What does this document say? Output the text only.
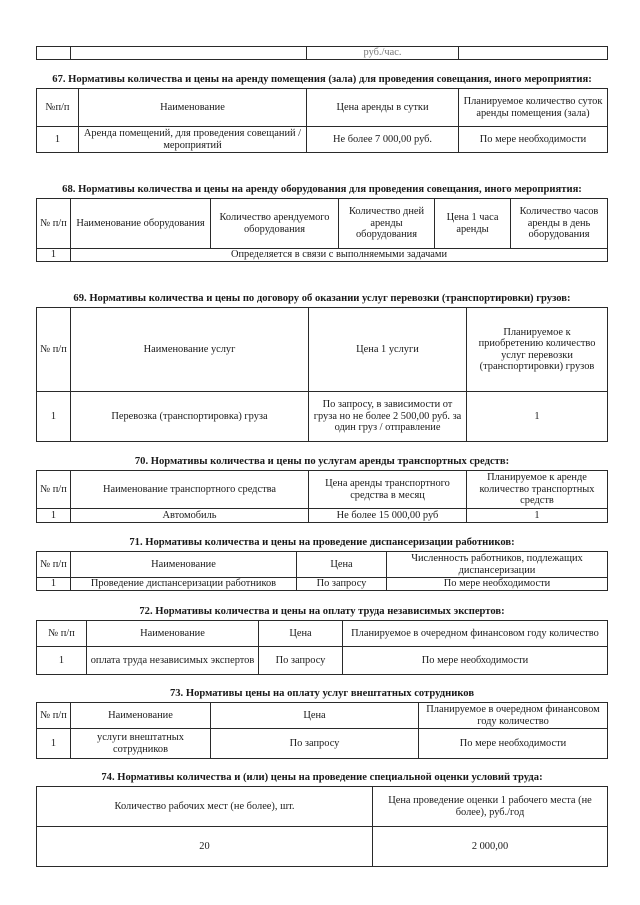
		руб./час.	

67. Нормативы количества и цены на аренду помещения (зала) для проведения совещания, иного мероприятия:

№п/п	Наименование	Цена аренды в сутки	Планируемое количество суток аренды помещения (зала)
1	Аренда помещений, для проведения совещаний / мероприятий	Не более 7 000,00 руб.	По мере необходимости

68. Нормативы количества и цены на аренду оборудования для проведения совещания, иного мероприятия:

№ п/п	Наименование оборудования	Количество арендуемого оборудования	Количество дней аренды оборудования	Цена 1 часа аренды	Количество часов аренды в день оборудования
1	Определяется в связи с выполняемыми задачами				

69. Нормативы количества и цены по договору об оказании услуг перевозки (транспортировки) грузов:

№ п/п	Наименование услуг	Цена 1 услуги	Планируемое к приобретению количество услуг перевозки (транспортировки) грузов
1	Перевозка (транспортировка) груза	По запросу, в зависимости от груза но не более 2 500,00 руб. за один груз / отправление	1

70. Нормативы количества и цены по услугам аренды транспортных средств:

№ п/п	Наименование транспортного средства	Цена аренды транспортного средства в месяц	Планируемое к аренде количество транспортных средств
1	Автомобиль	Не более 15 000,00 руб	1

71. Нормативы количества и цены на проведение диспансеризации работников:

№ п/п	Наименование	Цена	Численность работников, подлежащих диспансеризации
1	Проведение диспансеризации работников	По запросу	По мере необходимости

72. Нормативы количества и цены на оплату труда независимых экспертов:

№ п/п	Наименование	Цена	Планируемое в очередном финансовом году количество
1	оплата труда независимых экспертов	По запросу	По мере необходимости

73. Нормативы цены на оплату услуг внештатных сотрудников

№ п/п	Наименование	Цена	Планируемое в очередном финансовом году количество
1	услуги внештатных сотрудников	По запросу	По мере необходимости

74. Нормативы количества и (или) цены на проведение специальной оценки условий труда:

Количество рабочих мест (не более), шт.	Цена проведение оценки 1 рабочего места (не более), руб./год
20	2 000,00
